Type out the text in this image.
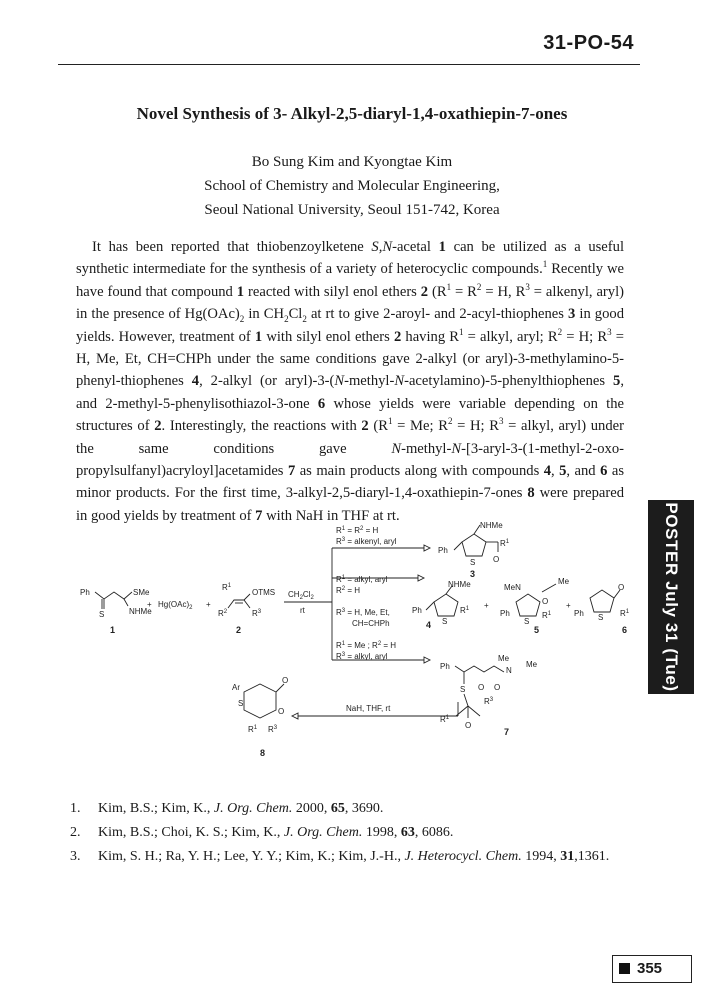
31-PO-54
Novel Synthesis of 3- Alkyl-2,5-diaryl-1,4-oxathiepin-7-ones
Bo Sung Kim and Kyongtae Kim
School of Chemistry and Molecular Engineering,
Seoul National University, Seoul 151-742, Korea

It has been reported that thiobenzoylketene S,N-acetal 1 can be utilized as a useful synthetic intermediate for the synthesis of a variety of heterocyclic compounds.$^1$ Recently we have found that compound 1 reacted with silyl enol ethers 2 ($R^1 = R^2 = H$, $R^3$ = alkenyl, aryl) in the presence of $Hg(OAc)_2$ in $CH_2Cl_2$ at rt to give 2-aroyl- and 2-acyl-thiophenes 3 in good yields. However, treatment of 1 with silyl enol ethers 2 having $R^1$ = alkyl, aryl; $R^2 = H$; $R^3 = H$, Me, Et, CH=CHPh under the same conditions gave 2-alkyl (or aryl)-3-methylamino-5-phenyl-thiophenes 4, 2-alkyl (or aryl)-3-(N-methyl-N-acetylamino)-5-phenylthiophenes 5, and 2-methyl-5-phenylisothiazol-3-one 6 whose yields were variable depending on the structures of 2. Interestingly, the reactions with 2 ($R^1 = Me$; $R^2 = H$; $R^3$ = alkyl, aryl) under the same conditions gave N-methyl-N-[3-aryl-3-(1-methyl-2-oxo-propylsulfanyl)acryloyl]acetamides 7 as main products along with compounds 4, 5, and 6 as minor products. For the first time, 3-alkyl-2,5-diaryl-1,4-oxathiepin-7-ones 8 were prepared in good yields by treatment of 7 with NaH in THF at rt.

Ph	SMe
S	NHMe
1
+ $Hg(OAc)_2$ +
$R^1$
$R^2$	$R^3$
OTMS
2
$CH_2Cl_2$
rt
$R^1 = R^2 = H$
$R^3$ = alkenyl, aryl
$R^1$ = alkyl, aryl
$R^2 = H$
$R^3 = H$, Me, Et,
CH=CHPh
$R^1 = Me$ ; $R^2 = H$
$R^3$ = alkyl, aryl
NHMe
Ph
$R^1$
S O
3
NHMe
Ph	$R^1$
S
4
+
MeN
Me
O
Ph	$R^1$
S
5
+
O
Ph	$R^1$
S
6
Ph	N
Me
Me
S O O
$R^1$
$R^3$
O
7
NaH, THF, rt
Ar
O
S
O
$R^1$ $R^3$
8
1. Kim, B.S.; Kim, K., J. Org. Chem. 2000, 65, 3690.
2. Kim, B.S.; Choi, K. S.; Kim, K., J. Org. Chem. 1998, 63, 6086.
3. Kim, S. H.; Ra, Y. H.; Lee, Y. Y.; Kim, K.; Kim, J.-H., J. Heterocycl. Chem. 1994, 31,1361.
POSTER July 31 (Tue)
355
